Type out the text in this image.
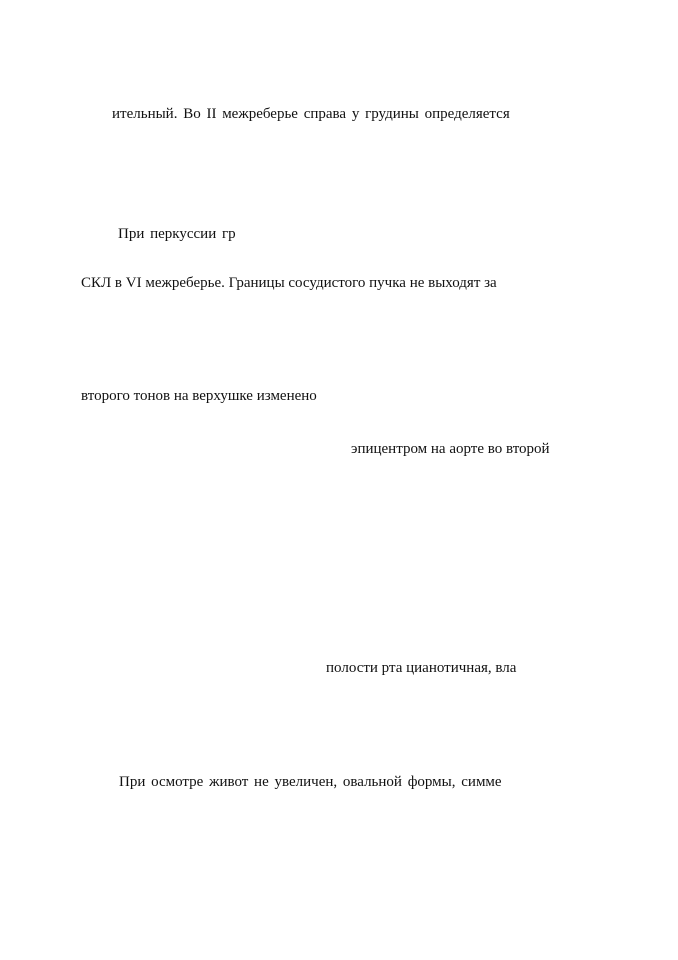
ительный. Во II межреберье справа у грудины определяется
При перкуссии гр
СКЛ в VI межреберье. Границы сосудистого пучка не выходят за
второго тонов на верхушке изменено
эпицентром на аорте во второй
полости рта цианотичная, вла
При осмотре живот не увеличен, овальной формы, симме
